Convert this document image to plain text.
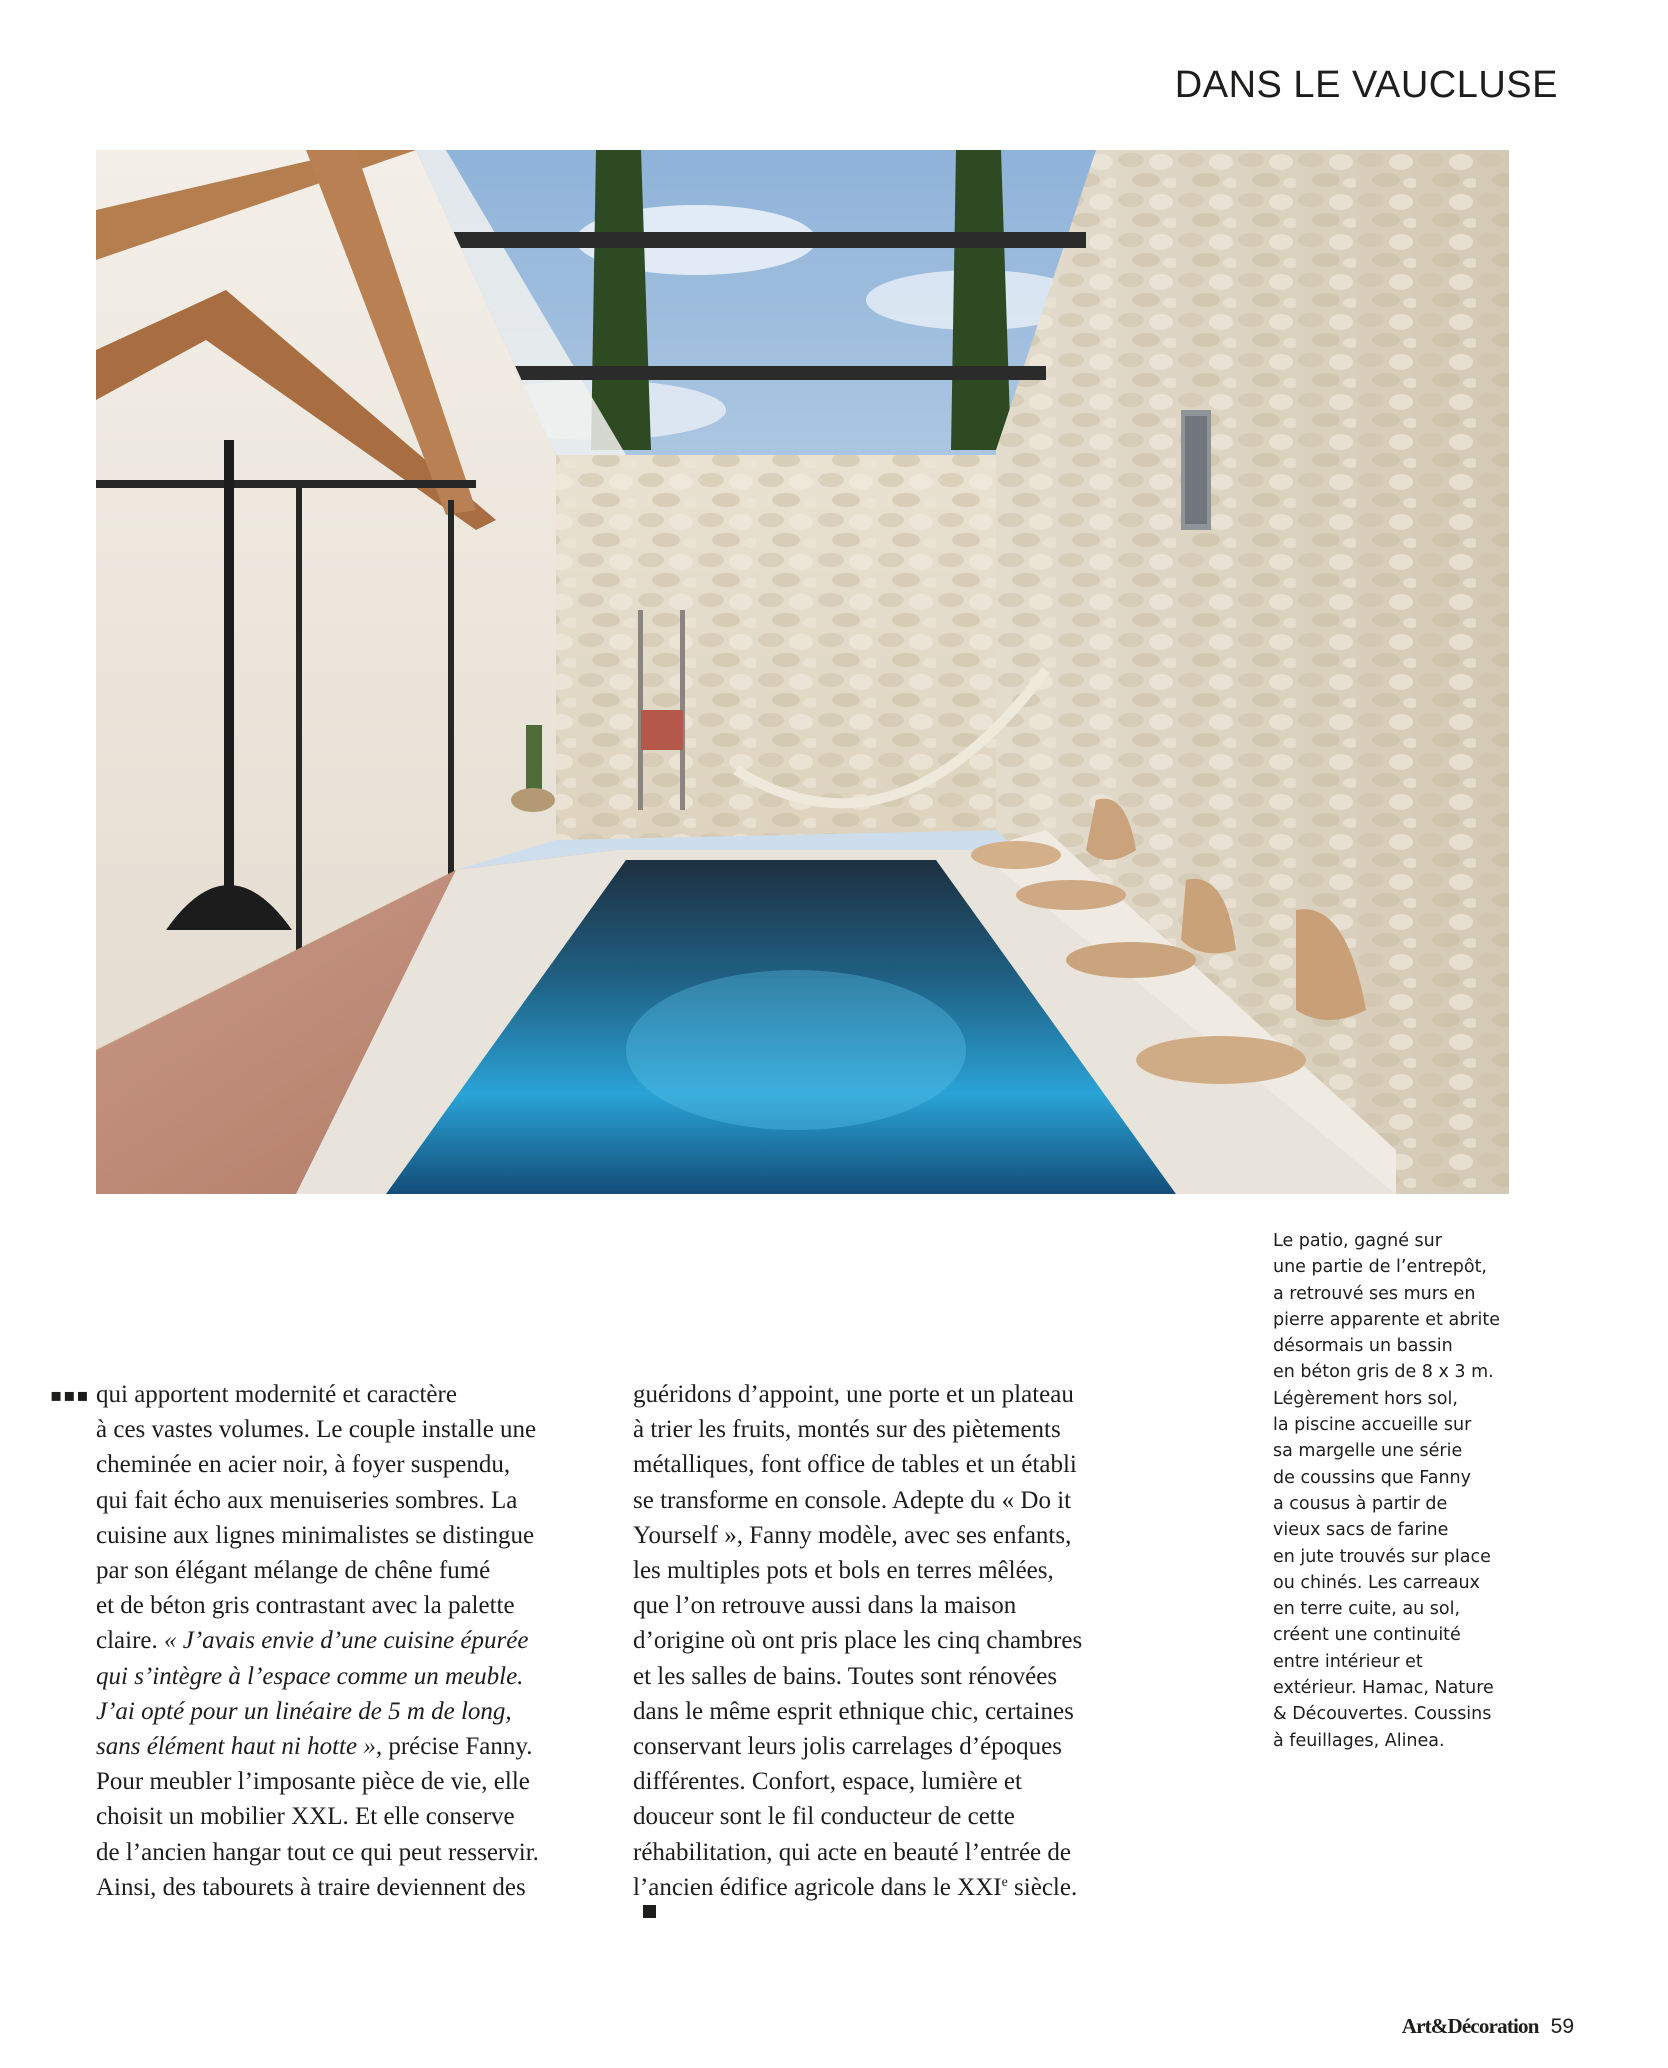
DANS LE VAUCLUSE
Le patio, gagné sur
une partie de l’entrepôt,
a retrouvé ses murs en
pierre apparente et abrite
désormais un bassin
en béton gris de 8 x 3 m.
Légèrement hors sol,
la piscine accueille sur
sa margelle une série
de coussins que Fanny
a cousus à partir de
vieux sacs de farine
en jute trouvés sur place
ou chinés. Les carreaux
en terre cuite, au sol,
créent une continuité
entre intérieur et
extérieur. Hamac, Nature
& Découvertes. Coussins
à feuillages, Alinea.
▪▪▪ qui apportent modernité et caractère
à ces vastes volumes. Le couple installe une
cheminée en acier noir, à foyer suspendu,
qui fait écho aux menuiseries sombres. La
cuisine aux lignes minimalistes se distingue
par son élégant mélange de chêne fumé
et de béton gris contrastant avec la palette
claire. « J’avais envie d’une cuisine épurée
qui s’intègre à l’espace comme un meuble.
J’ai opté pour un linéaire de 5 m de long,
sans élément haut ni hotte », précise Fanny.
Pour meubler l’imposante pièce de vie, elle
choisit un mobilier XXL. Et elle conserve
de l’ancien hangar tout ce qui peut resservir.
Ainsi, des tabourets à traire deviennent des
guéridons d’appoint, une porte et un plateau
à trier les fruits, montés sur des piètements
métalliques, font office de tables et un établi
se transforme en console. Adepte du « Do it
Yourself », Fanny modèle, avec ses enfants,
les multiples pots et bols en terres mêlées,
que l’on retrouve aussi dans la maison
d’origine où ont pris place les cinq chambres
et les salles de bains. Toutes sont rénovées
dans le même esprit ethnique chic, certaines
conservant leurs jolis carrelages d’époques
différentes. Confort, espace, lumière et
douceur sont le fil conducteur de cette
réhabilitation, qui acte en beauté l’entrée de
l’ancien édifice agricole dans le XXIe siècle.
Art&Décoration 59
